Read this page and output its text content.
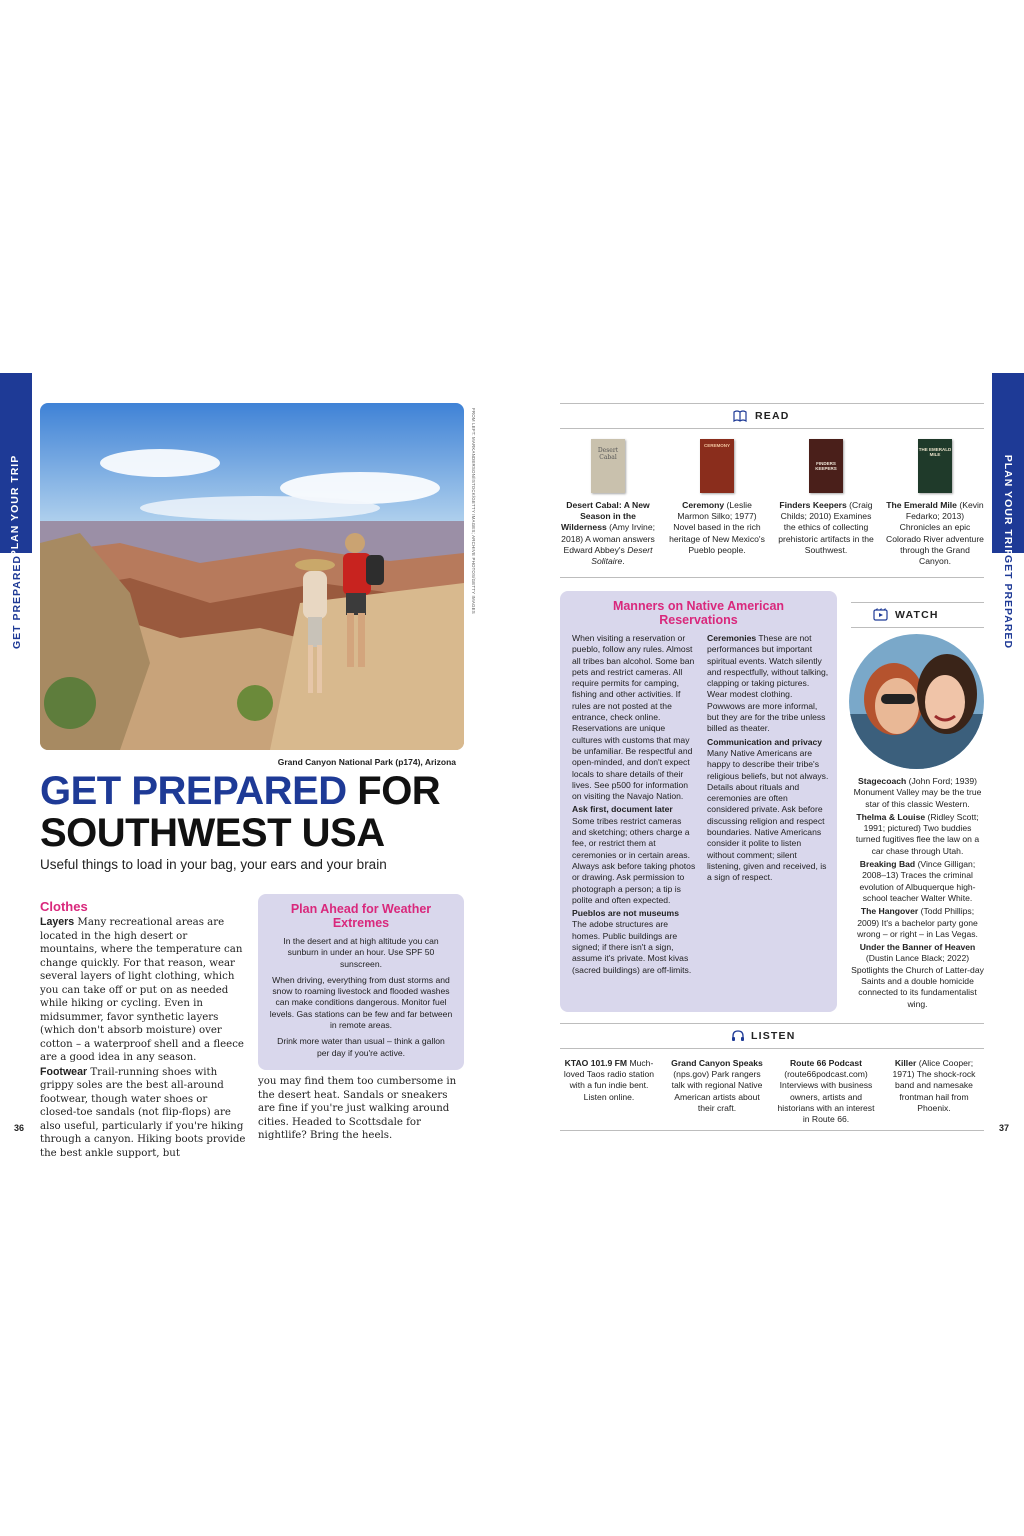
PLAN YOUR TRIP
GET PREPARED	FROM LEFT: MARKANDERSON/ISTOCK/GETTY IMAGES; ARCHIVE PHOTOS/GETTY IMAGES
Grand Canyon National Park (p174), Arizona
GET PREPARED FOR
SOUTHWEST USA
Useful things to load in your bag, your ears and your brain
Clothes

Layers Many recreational areas are located in the high desert or mountains, where the temperature can change quickly. For that reason, wear several layers of light clothing, which you can take off or put on as needed while hiking or cycling. Even in midsummer, favor synthetic layers (which don't absorb moisture) over cotton – a waterproof shell and a fleece are a good idea in any season.

Footwear Trail-running shoes with grippy soles are the best all-around footwear, though water shoes or closed-toe sandals (not flip-flops) are also useful, particularly if you're hiking through a canyon. Hiking boots provide the best ankle support, but

you may find them too cumbersome in the desert heat. Sandals or sneakers are fine if you're just walking around cities. Headed to Scottsdale for nightlife? Bring the heels.
Plan Ahead for Weather Extremes
In the desert and at high altitude you can sunburn in under an hour. Use SPF 50 sunscreen.
When driving, everything from dust storms and snow to roaming livestock and flooded washes can make conditions dangerous. Monitor fuel levels. Gas stations can be few and far between in remote areas.
Drink more water than usual – think a gallon per day if you're active.
36
PLAN YOUR TRIP
GET PREPARED
READ
Desert Cabal
CEREMONY
FINDERS KEEPERS
THE EMERALD MILE
Desert Cabal: A New Season in the Wilderness (Amy Irvine; 2018) A woman answers Edward Abbey's Desert Solitaire.
Ceremony (Leslie Marmon Silko; 1977) Novel based in the rich heritage of New Mexico's Pueblo people.
Finders Keepers (Craig Childs; 2010) Examines the ethics of collecting prehistoric artifacts in the Southwest.
The Emerald Mile (Kevin Fedarko; 2013) Chronicles an epic Colorado River adventure through the Grand Canyon.
Manners on Native American Reservations

When visiting a reservation or pueblo, follow any rules. Almost all tribes ban alcohol. Some ban pets and restrict cameras. All require permits for camping, fishing and other activities. If rules are not posted at the entrance, check online. Reservations are unique cultures with customs that may be unfamiliar. Be respectful and open-minded, and don't expect locals to share details of their lives. See p500 for information on visiting the Navajo Nation.

Ask first, document later Some tribes restrict cameras and sketching; others charge a fee, or restrict them at ceremonies or in certain areas. Always ask before taking photos or drawing. Ask permission to photograph a person; a tip is polite and often expected.

Pueblos are not museums The adobe structures are homes. Public buildings are signed; if there isn't a sign, assume it's private. Most kivas (sacred buildings) are off-limits.

Ceremonies These are not performances but important spiritual events. Watch silently and respectfully, without talking, clapping or taking pictures. Wear modest clothing. Powwows are more informal, but they are for the tribe unless billed as theater.

Communication and privacy Many Native Americans are happy to describe their tribe's religious beliefs, but not always. Details about rituals and ceremonies are often considered private. Ask before discussing religion and respect boundaries. Native Americans consider it polite to listen without comment; silent listening, given and received, is a sign of respect.

WATCH

Stagecoach (John Ford; 1939) Monument Valley may be the true star of this classic Western.

Thelma & Louise (Ridley Scott; 1991; pictured) Two buddies turned fugitives flee the law on a car chase through Utah.

Breaking Bad (Vince Gilligan; 2008–13) Traces the criminal evolution of Albuquerque high-school teacher Walter White.

The Hangover (Todd Phillips; 2009) It's a bachelor party gone wrong – or right – in Las Vegas.

Under the Banner of Heaven (Dustin Lance Black; 2022) Spotlights the Church of Latter-day Saints and a double homicide connected to its fundamentalist wing.

LISTEN
KTAO 101.9 FM Much-loved Taos radio station with a fun indie bent. Listen online.
Grand Canyon Speaks (nps.gov) Park rangers talk with regional Native American artists about their craft.
Route 66 Podcast (route66podcast.com) Interviews with business owners, artists and historians with an interest in Route 66.
Killer (Alice Cooper; 1971) The shock-rock band and namesake frontman hail from Phoenix.
37
